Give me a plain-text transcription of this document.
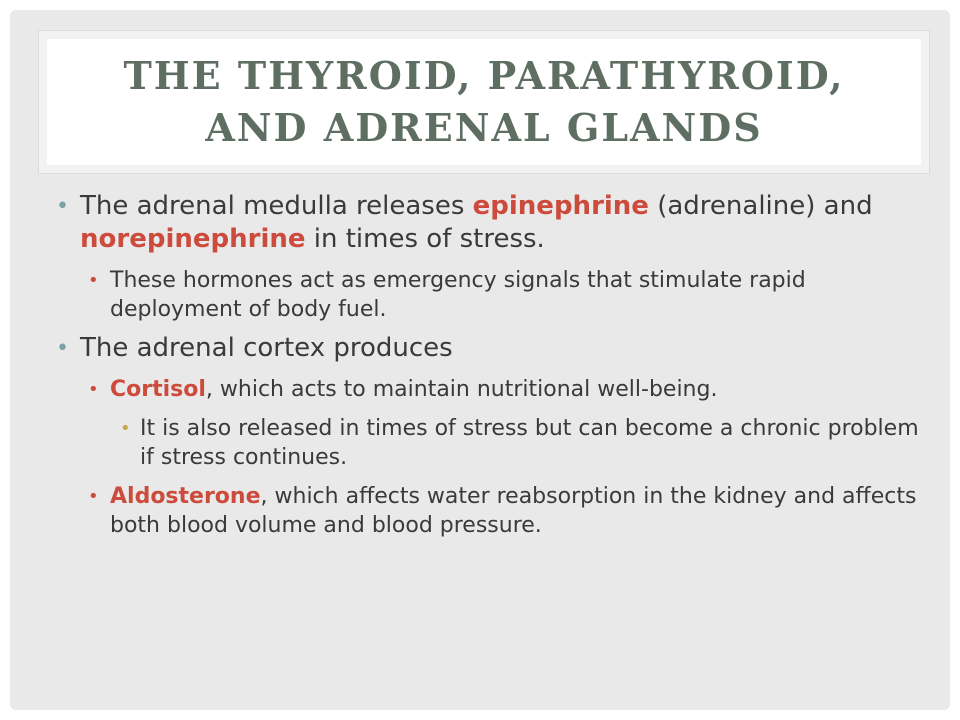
THE THYROID, PARATHYROID,
AND ADRENAL GLANDS
• The adrenal medulla releases epinephrine (adrenaline) and norepinephrine in times of stress.
• These hormones act as emergency signals that stimulate rapid deployment of body fuel.
• The adrenal cortex produces
• Cortisol, which acts to maintain nutritional well-being.
• It is also released in times of stress but can become a chronic problem if stress continues.
• Aldosterone, which affects water reabsorption in the kidney and affects both blood volume and blood pressure.
